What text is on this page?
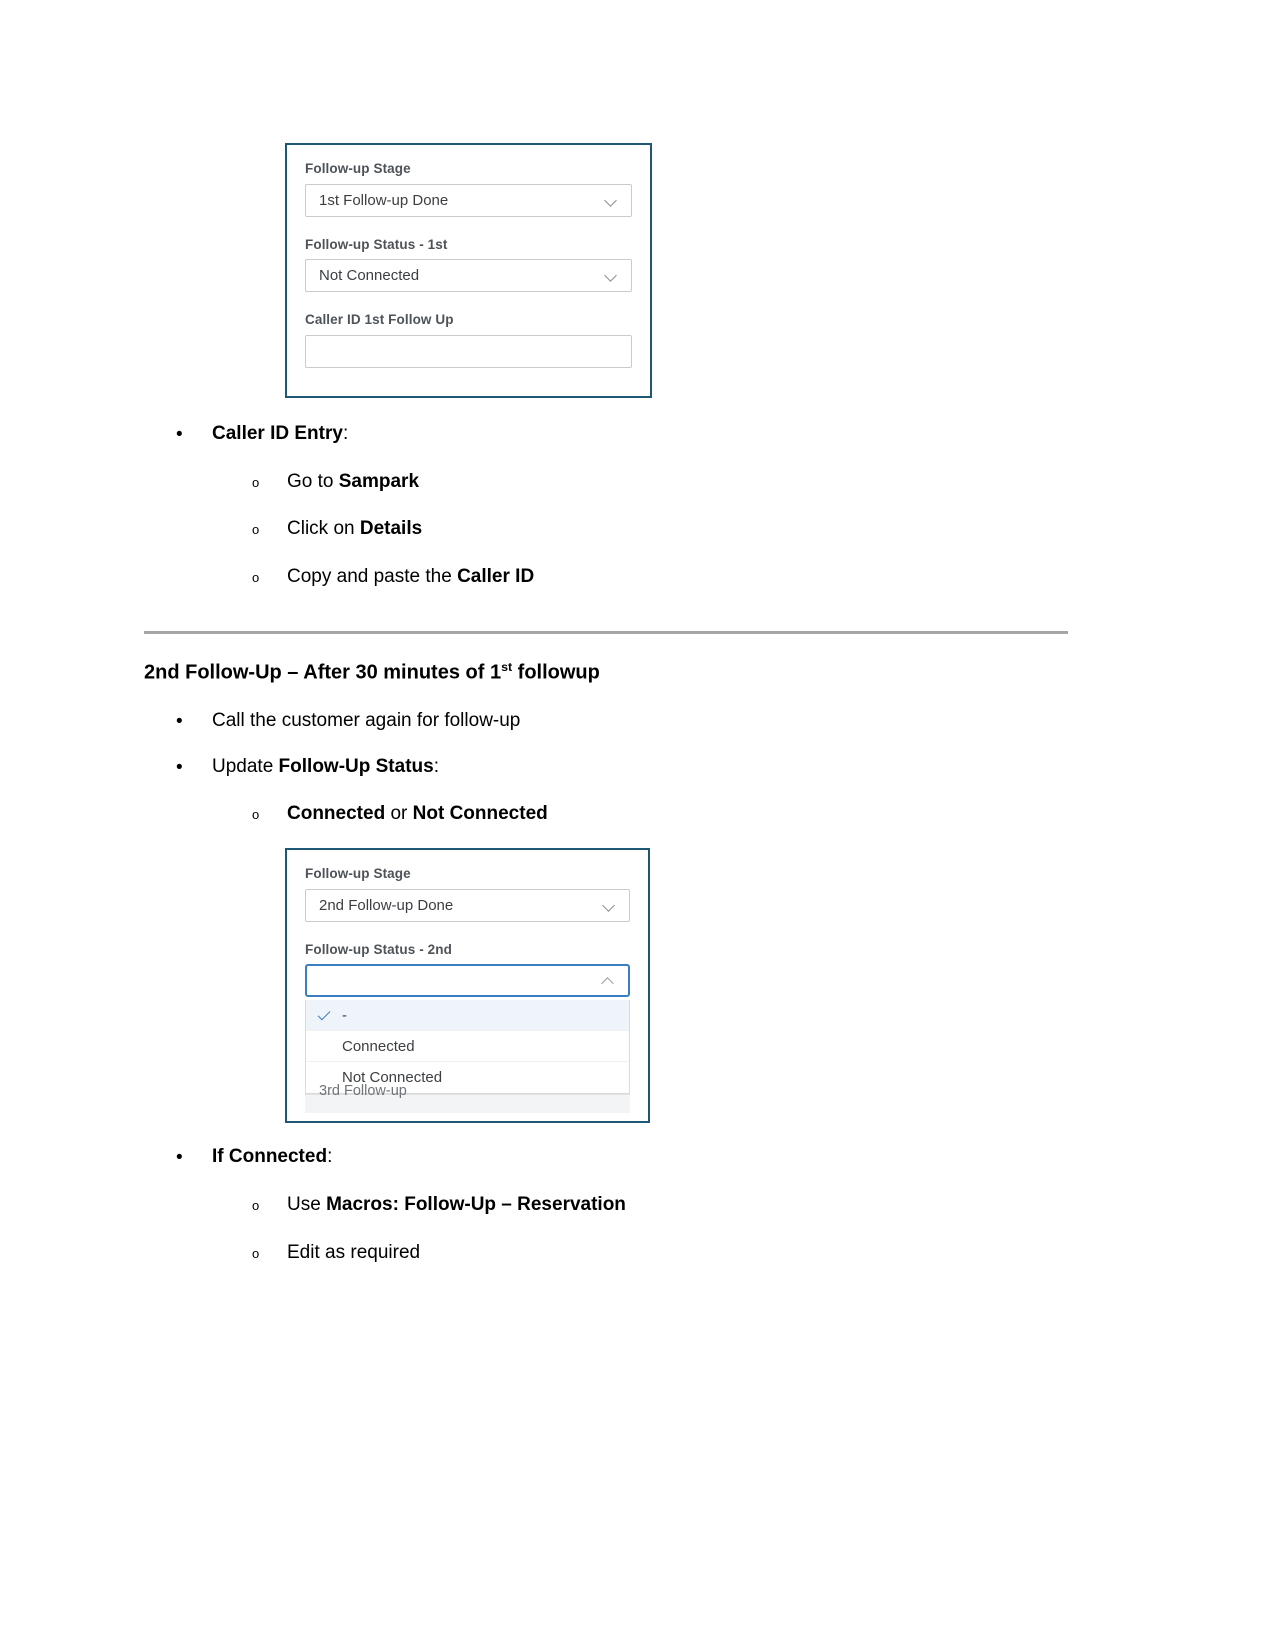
Follow-up Stage
1st Follow-up Done
Follow-up Status - 1st
Not Connected
Caller ID 1st Follow Up
• Caller ID Entry:
o Go to Sampark
o Click on Details
o Copy and paste the Caller ID
2nd Follow-Up – After 30 minutes of 1st followup
• Call the customer again for follow-up
• Update Follow-Up Status:
o Connected or Not Connected
Follow-up Stage
2nd Follow-up Done
Follow-up Status - 2nd
-
Connected
Not Connected
3rd Follow-up
• If Connected:
o Use Macros: Follow-Up – Reservation
o Edit as required
